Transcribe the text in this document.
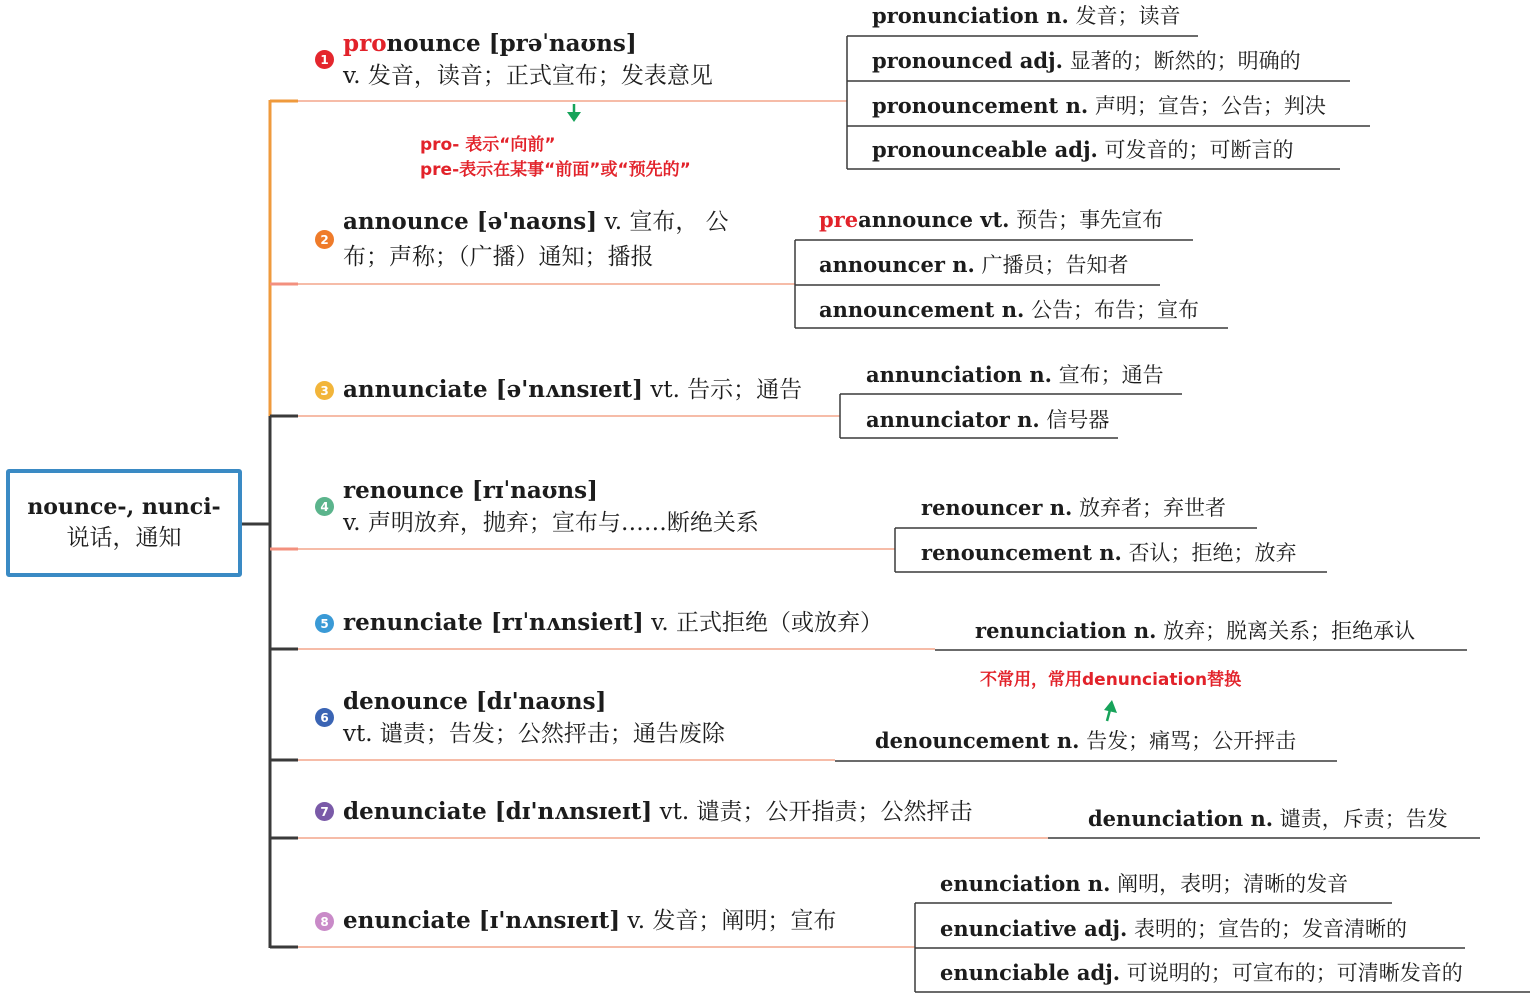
nounce-, nunci-
说话，通知
1
pronounce [prəˈnaʊns]
v. 发音，读音；正式宣布；发表意见
pronunciation n. 发音；读音
pronounced adj. 显著的；断然的；明确的
pronouncement n. 声明；宣告；公告；判决
pronounceable adj. 可发音的；可断言的
pro- 表示“向前”
pre-表示在某事“前面”或“预先的”
2
announce [ə'naʊns] v. 宣布， 公
布；声称；（广播）通知；播报
preannounce vt. 预告；事先宣布
announcer n. 广播员；告知者
announcement n. 公告；布告；宣布
3 annunciate [ə'nʌnsɪeɪt] vt. 告示；通告
annunciation n. 宣布；通告
annunciator n. 信号器
4
renounce [rɪˈnaʊns]
v. 声明放弃，抛弃；宣布与……断绝关系
renouncer n. 放弃者；弃世者
renouncement n. 否认；拒绝；放弃
5 renunciate [rɪˈnʌnsieɪt] v. 正式拒绝（或放弃）	renunciation n. 放弃；脱离关系；拒绝承认
6
denounce [dɪ'naʊns]
vt. 谴责；告发；公然抨击；通告废除
不常用，常用denunciation替换
denouncement n. 告发；痛骂；公开抨击
7 denunciate [dɪ'nʌnsɪeɪt] vt. 谴责；公开指责；公然抨击	denunciation n. 谴责，斥责；告发
8 enunciate [ɪ'nʌnsɪeɪt] v. 发音；阐明；宣布
enunciation n. 阐明，表明；清晰的发音
enunciative adj. 表明的；宣告的；发音清晰的
enunciable adj. 可说明的；可宣布的；可清晰发音的
